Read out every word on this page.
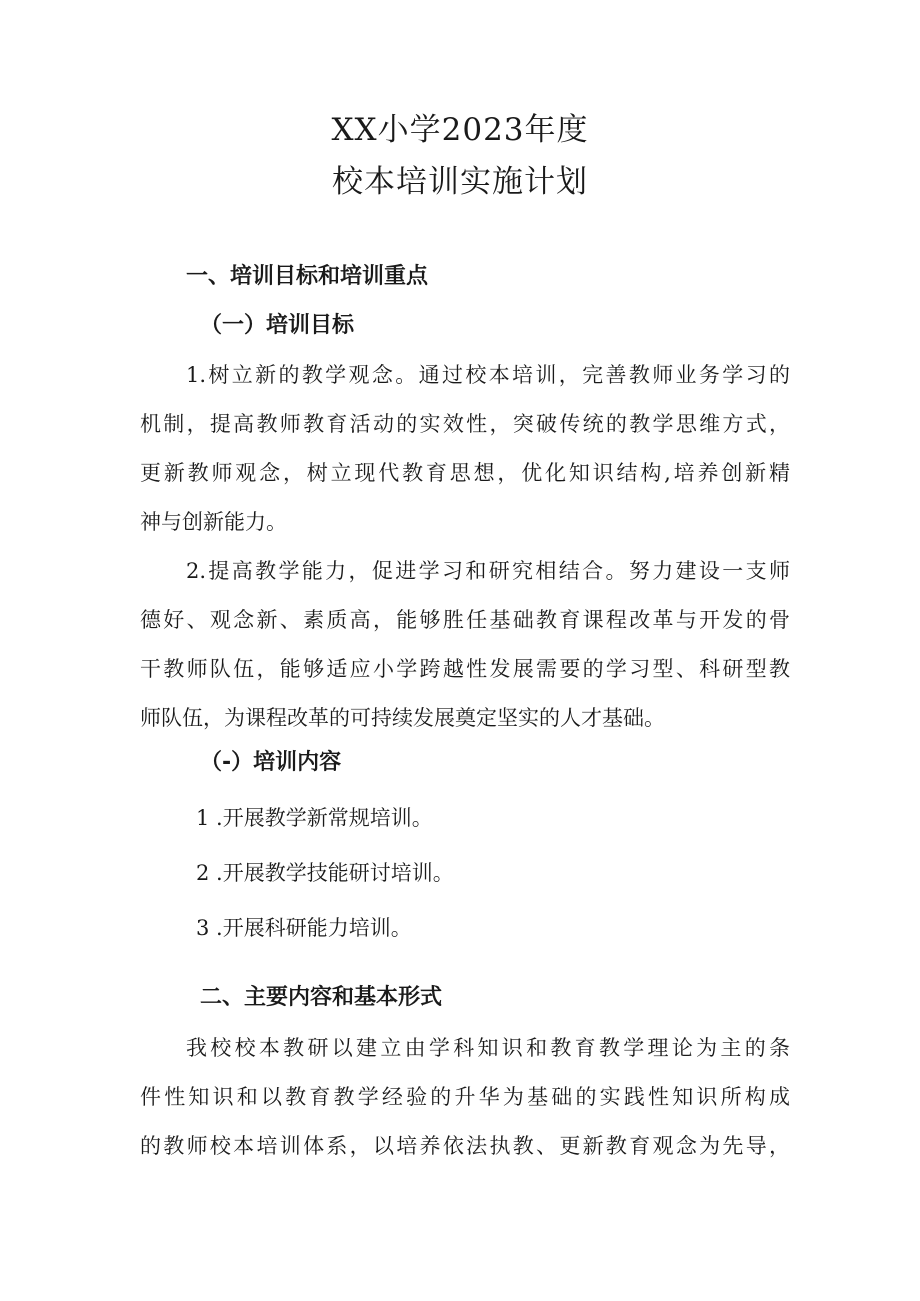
XX小学2023年度
校本培训实施计划
一、培训目标和培训重点
（一）培训目标
1.树立新的教学观念。通过校本培训，完善教师业务学习的
机制，提高教师教育活动的实效性，突破传统的教学思维方式，
更新教师观念，树立现代教育思想，优化知识结构,培养创新精
神与创新能力。
2.提高教学能力，促进学习和研究相结合。努力建设一支师
德好、观念新、素质高，能够胜任基础教育课程改革与开发的骨
干教师队伍，能够适应小学跨越性发展需要的学习型、科研型教
师队伍，为课程改革的可持续发展奠定坚实的人才基础。
（-）培训内容
1 .开展教学新常规培训。
2 .开展教学技能研讨培训。
3 .开展科研能力培训。
二、主要内容和基本形式
我校校本教研以建立由学科知识和教育教学理论为主的条
件性知识和以教育教学经验的升华为基础的实践性知识所构成
的教师校本培训体系，以培养依法执教、更新教育观念为先导，
